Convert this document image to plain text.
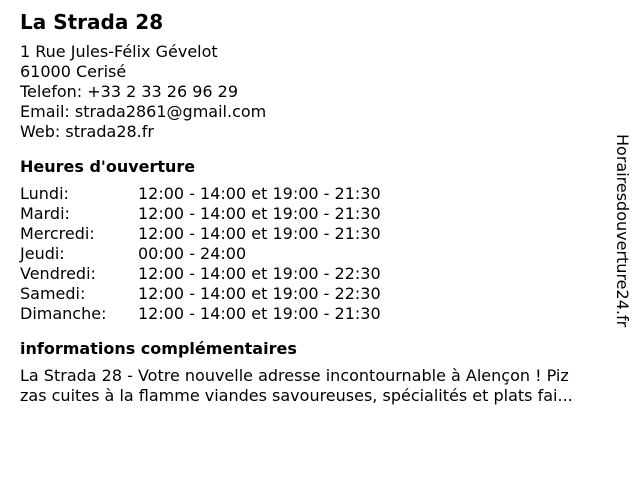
La Strada 28
1 Rue Jules-Félix Gévelot
61000 Cerisé
Telefon: +33 2 33 26 96 29
Email: strada2861@gmail.com
Web: strada28.fr
Heures d'ouverture
Lundi:	12:00 - 14:00 et 19:00 - 21:30
Mardi:	12:00 - 14:00 et 19:00 - 21:30
Mercredi:	12:00 - 14:00 et 19:00 - 21:30
Jeudi:	00:00 - 24:00
Vendredi:	12:00 - 14:00 et 19:00 - 22:30
Samedi:	12:00 - 14:00 et 19:00 - 22:30
Dimanche:	12:00 - 14:00 et 19:00 - 21:30
informations complémentaires
La Strada 28 - Votre nouvelle adresse incontournable à Alençon ! Piz
zas cuites à la flamme viandes savoureuses, spécialités et plats fai...
Horairesdouverture24.fr
